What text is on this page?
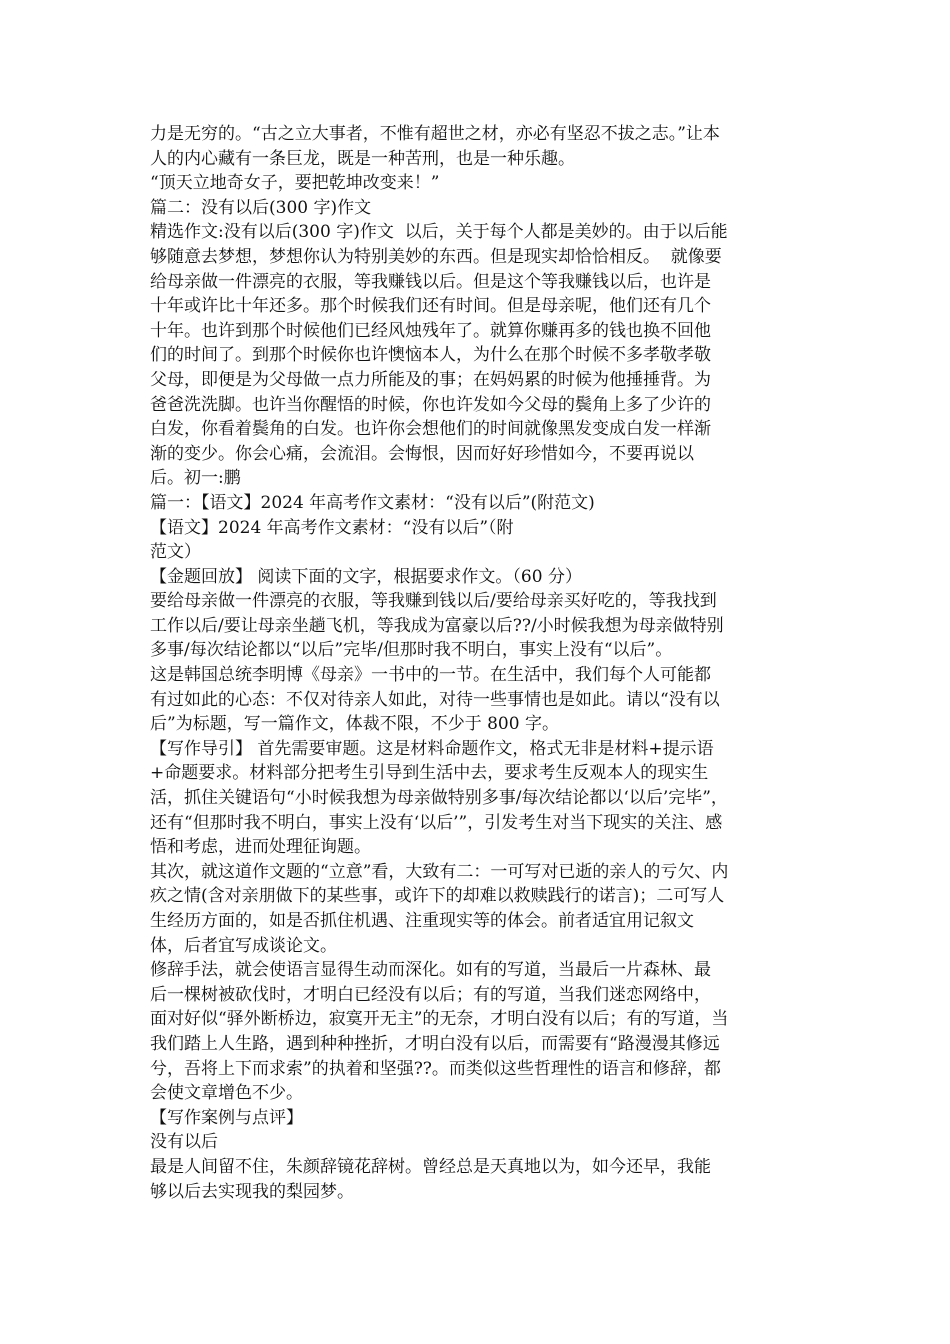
力是无穷的。“古之立大事者，不惟有超世之材，亦必有坚忍不拔之志。”让本
人的内心藏有一条巨龙，既是一种苦刑，也是一种乐趣。
“顶天立地奇女子，要把乾坤改变来！”
篇二：没有以后(300 字)作文
精选作文:没有以后(300 字)作文  以后，关于每个人都是美妙的。由于以后能
够随意去梦想，梦想你认为特别美妙的东西。但是现实却恰恰相反。  就像要
给母亲做一件漂亮的衣服，等我赚钱以后。但是这个等我赚钱以后，也许是
十年或许比十年还多。那个时候我们还有时间。但是母亲呢，他们还有几个
十年。也许到那个时候他们已经风烛残年了。就算你赚再多的钱也换不回他
们的时间了。到那个时候你也许懊恼本人，为什么在那个时候不多孝敬孝敬
父母，即便是为父母做一点力所能及的事；在妈妈累的时候为他捶捶背。为
爸爸洗洗脚。也许当你醒悟的时候，你也许发如今父母的鬓角上多了少许的
白发，你看着鬓角的白发。也许你会想他们的时间就像黑发变成白发一样渐
渐的变少。你会心痛，会流泪。会悔恨，因而好好珍惜如今，不要再说以
后。初一:鹏
篇一：【语文】2024 年高考作文素材：“没有以后”(附范文)
【语文】2024 年高考作文素材：“没有以后”（附
范文）
【金题回放】 阅读下面的文字，根据要求作文。（60 分）
要给母亲做一件漂亮的衣服，等我赚到钱以后/要给母亲买好吃的，等我找到
工作以后/要让母亲坐趟飞机，等我成为富豪以后??/小时候我想为母亲做特别
多事/每次结论都以“以后”完毕/但那时我不明白，事实上没有“以后”。
这是韩国总统李明博《母亲》一书中的一节。在生活中，我们每个人可能都
有过如此的心态：不仅对待亲人如此，对待一些事情也是如此。请以“没有以
后”为标题，写一篇作文，体裁不限，不少于 800 字。
【写作导引】 首先需要审题。这是材料命题作文，格式无非是材料+提示语
+命题要求。材料部分把考生引导到生活中去，要求考生反观本人的现实生
活，抓住关键语句“小时候我想为母亲做特别多事/每次结论都以‘以后’完毕”，
还有“但那时我不明白，事实上没有‘以后’”，引发考生对当下现实的关注、感
悟和考虑，进而处理征询题。
其次，就这道作文题的“立意”看，大致有二：一可写对已逝的亲人的亏欠、内
疚之情(含对亲朋做下的某些事，或许下的却难以救赎践行的诺言)；二可写人
生经历方面的，如是否抓住机遇、注重现实等的体会。前者适宜用记叙文
体，后者宜写成谈论文。
修辞手法，就会使语言显得生动而深化。如有的写道，当最后一片森林、最
后一棵树被砍伐时，才明白已经没有以后；有的写道，当我们迷恋网络中，
面对好似“驿外断桥边，寂寞开无主”的无奈，才明白没有以后；有的写道，当
我们踏上人生路，遇到种种挫折，才明白没有以后，而需要有“路漫漫其修远
兮，吾将上下而求索”的执着和坚强??。而类似这些哲理性的语言和修辞，都
会使文章增色不少。
【写作案例与点评】
没有以后
最是人间留不住，朱颜辞镜花辞树。曾经总是天真地以为，如今还早，我能
够以后去实现我的梨园梦。
